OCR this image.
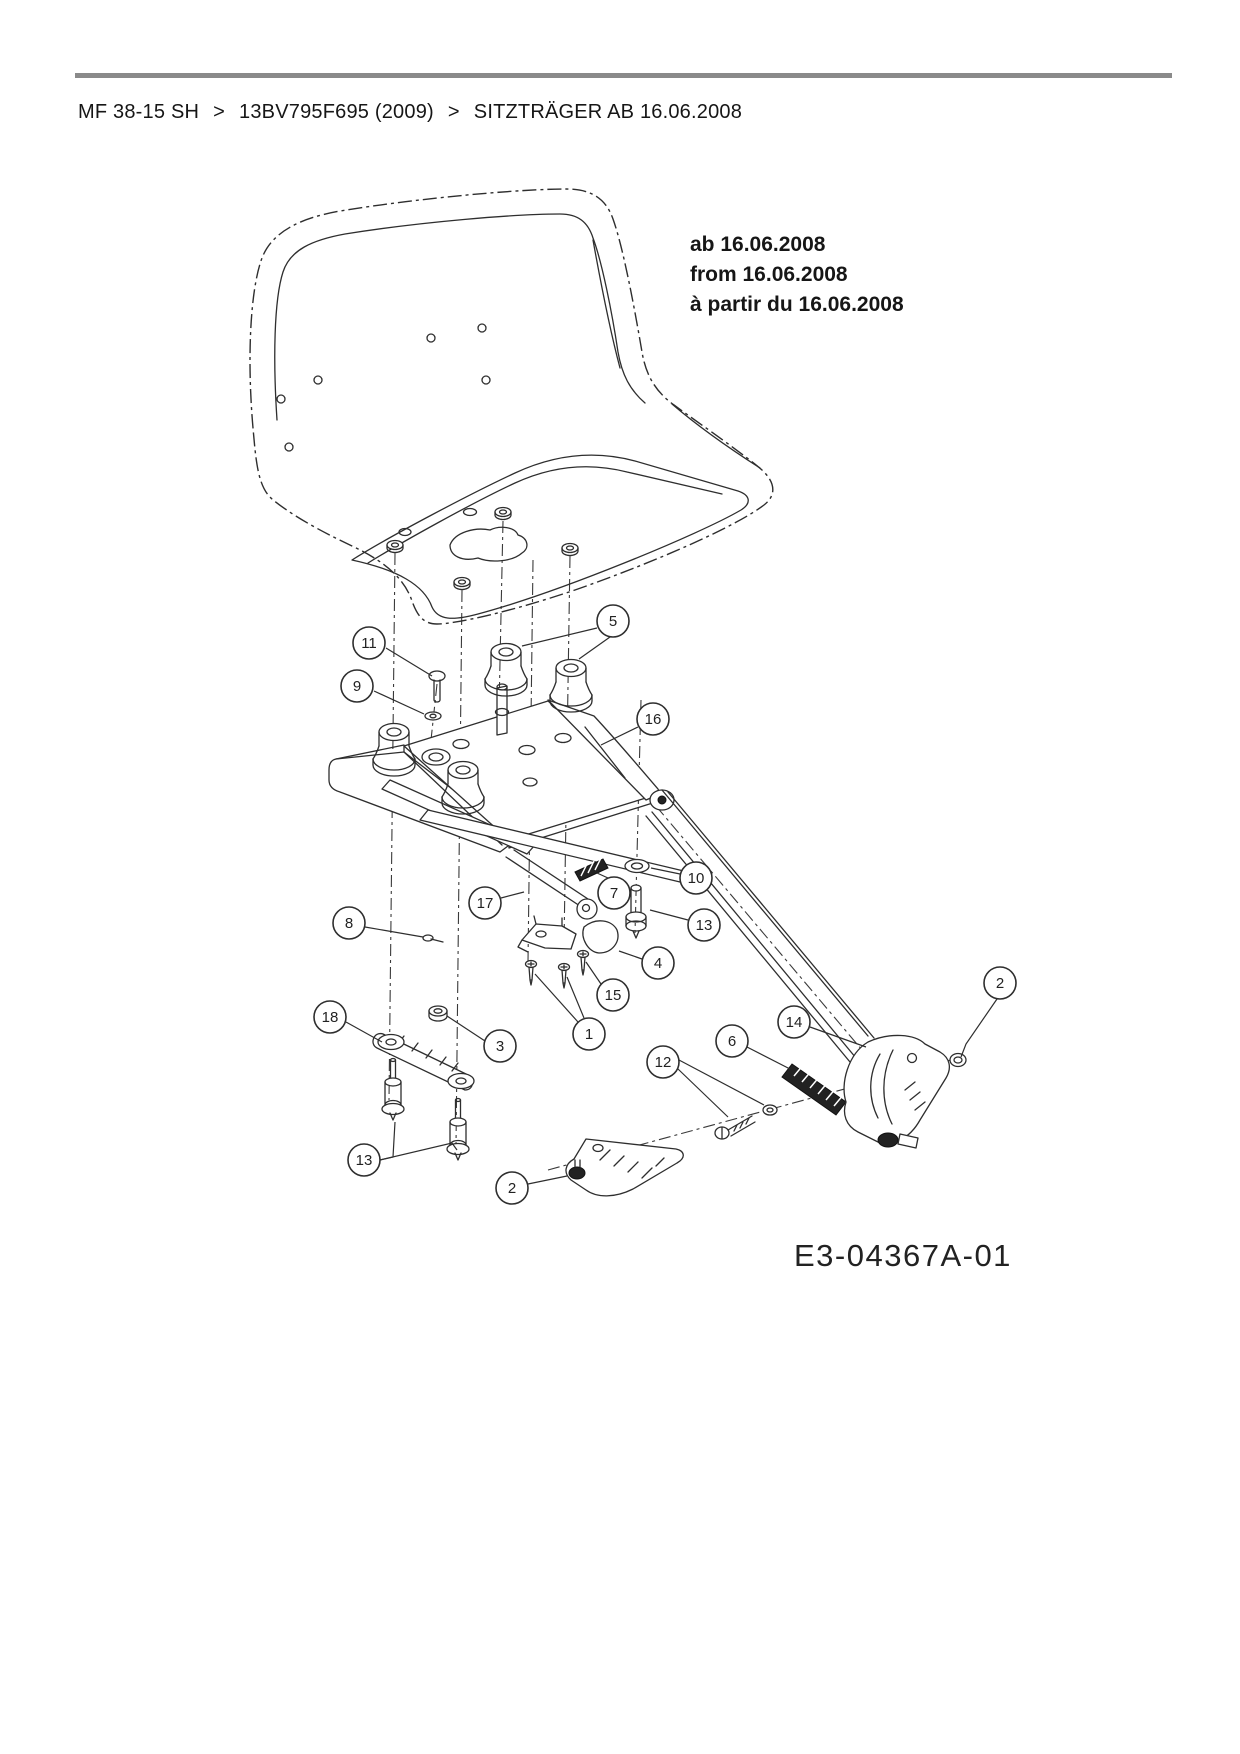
MF 38-15 SH > 13BV795F695 (2009) > SITZTRÄGER AB 16.06.2008
ab 16.06.2008
from 16.06.2008
à partir du 16.06.2008
E3-04367A-01
11
9
5
16
10
7
17
8	13
4
15
2
14
1	6
3
18
12
13
2
